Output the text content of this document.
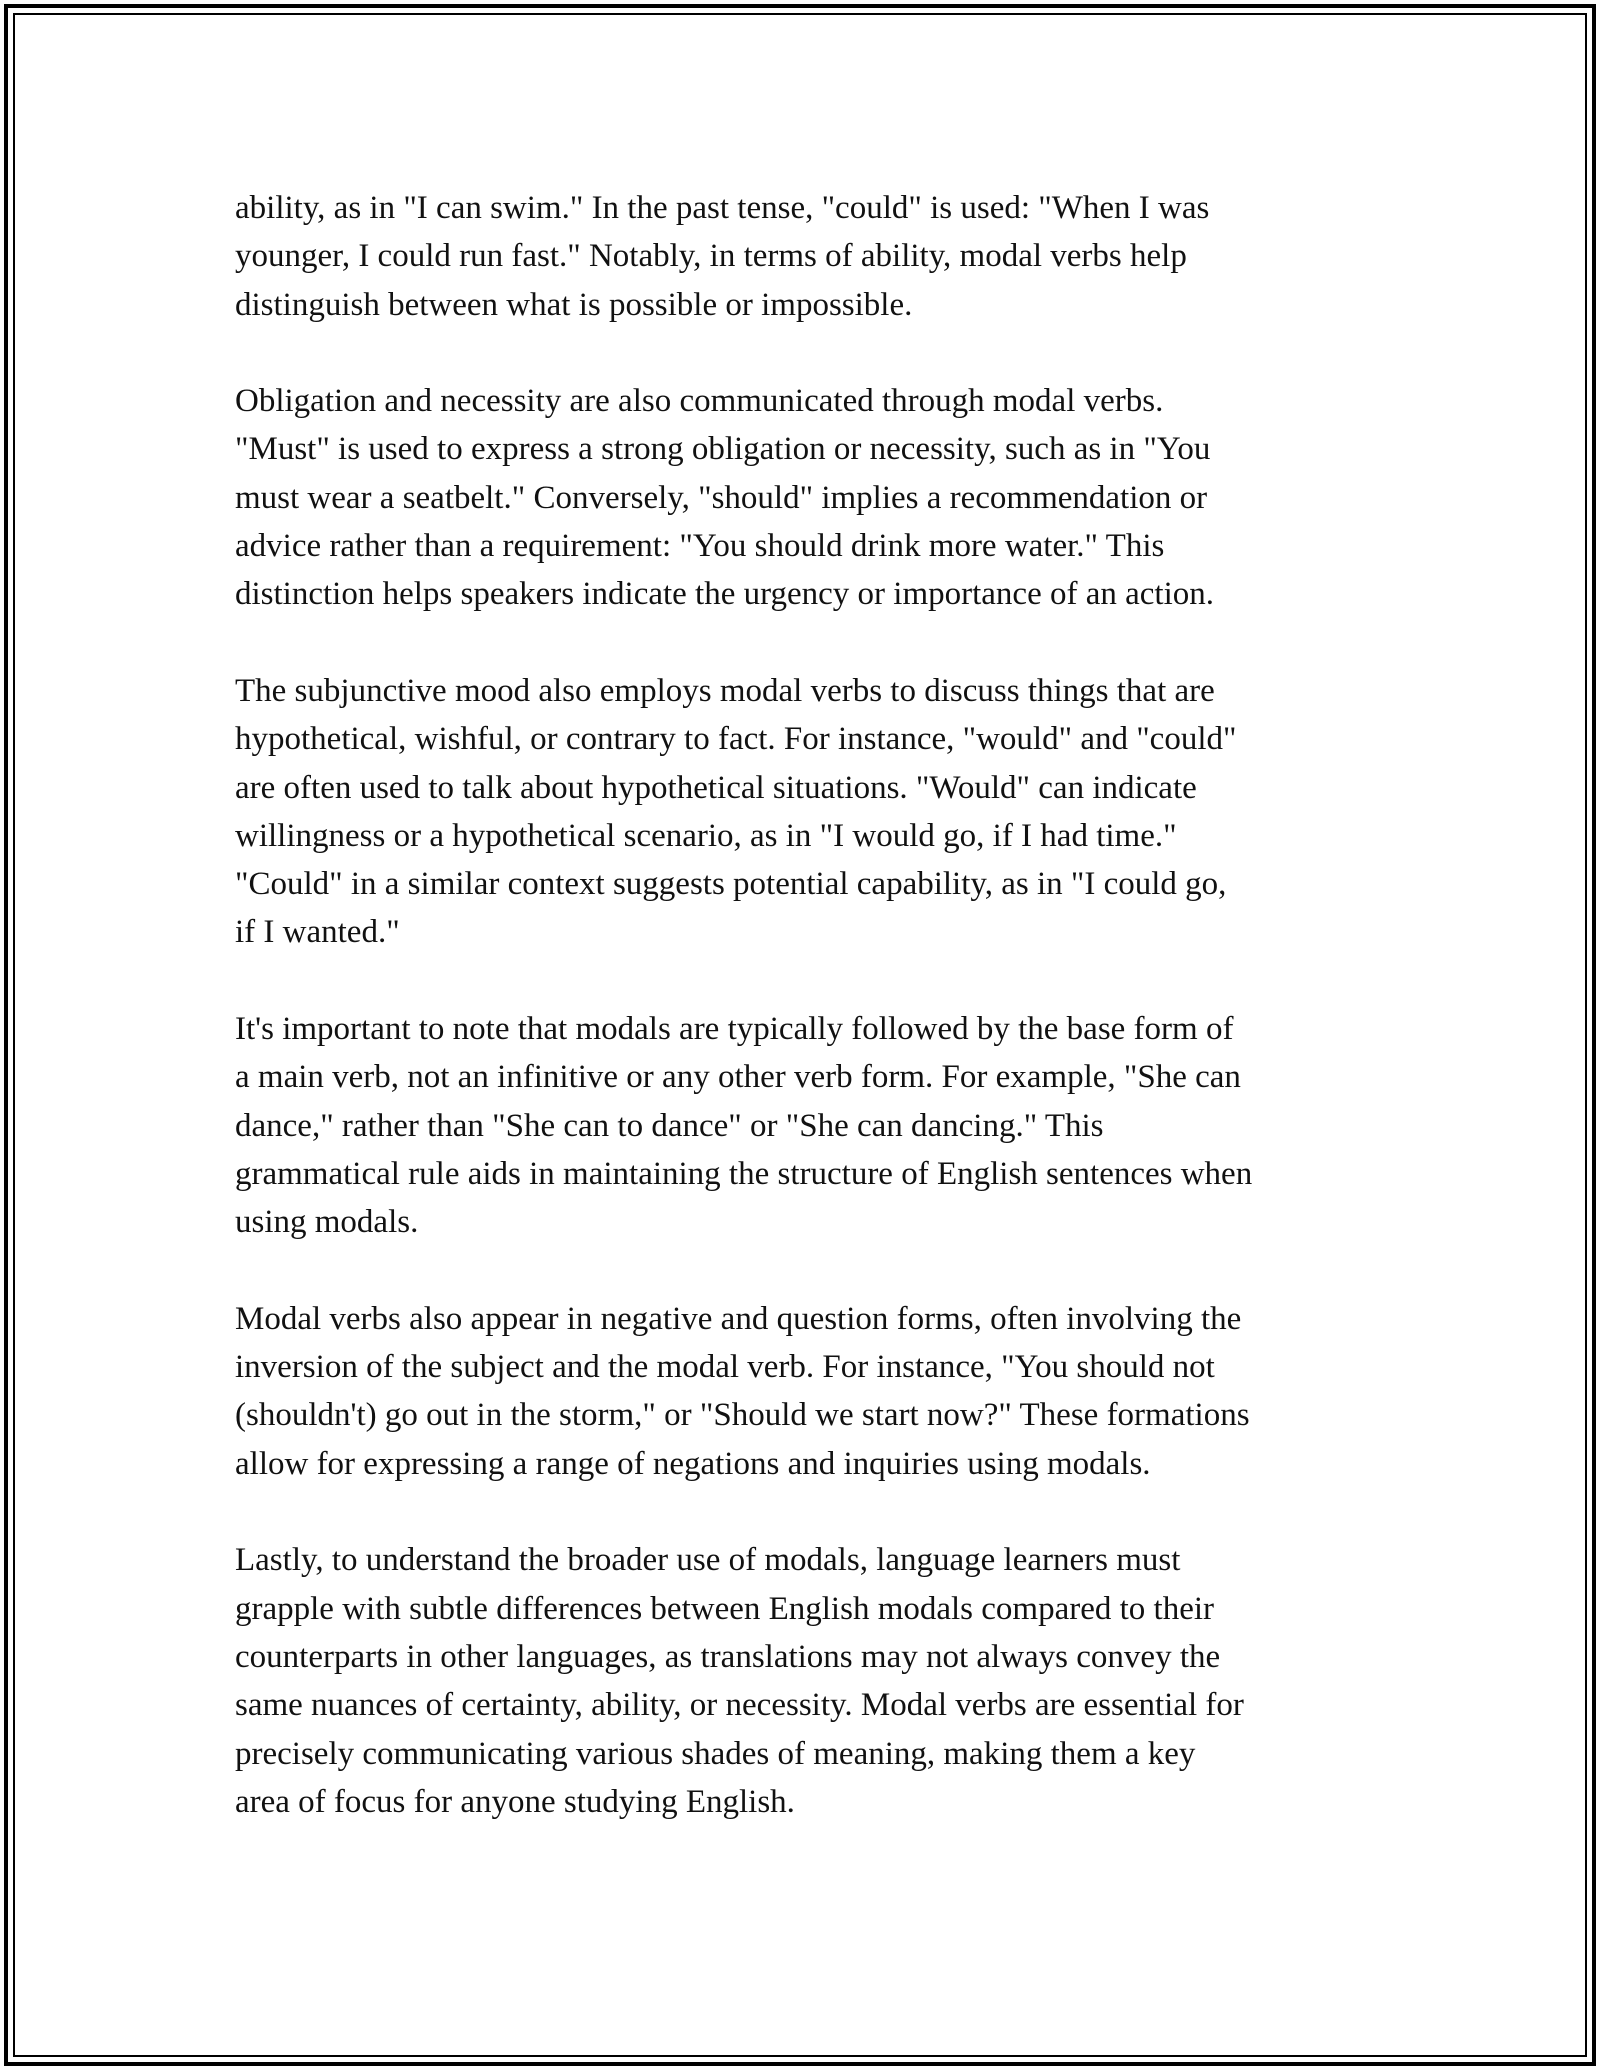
ability, as in "I can swim." In the past tense, "could" is used: "When I was
younger, I could run fast." Notably, in terms of ability, modal verbs help
distinguish between what is possible or impossible.

Obligation and necessity are also communicated through modal verbs.
"Must" is used to express a strong obligation or necessity, such as in "You
must wear a seatbelt." Conversely, "should" implies a recommendation or
advice rather than a requirement: "You should drink more water." This
distinction helps speakers indicate the urgency or importance of an action.

The subjunctive mood also employs modal verbs to discuss things that are
hypothetical, wishful, or contrary to fact. For instance, "would" and "could"
are often used to talk about hypothetical situations. "Would" can indicate
willingness or a hypothetical scenario, as in "I would go, if I had time."
"Could" in a similar context suggests potential capability, as in "I could go,
if I wanted."

It's important to note that modals are typically followed by the base form of
a main verb, not an infinitive or any other verb form. For example, "She can
dance," rather than "She can to dance" or "She can dancing." This
grammatical rule aids in maintaining the structure of English sentences when
using modals.

Modal verbs also appear in negative and question forms, often involving the
inversion of the subject and the modal verb. For instance, "You should not
(shouldn't) go out in the storm," or "Should we start now?" These formations
allow for expressing a range of negations and inquiries using modals.

Lastly, to understand the broader use of modals, language learners must
grapple with subtle differences between English modals compared to their
counterparts in other languages, as translations may not always convey the
same nuances of certainty, ability, or necessity. Modal verbs are essential for
precisely communicating various shades of meaning, making them a key
area of focus for anyone studying English.
